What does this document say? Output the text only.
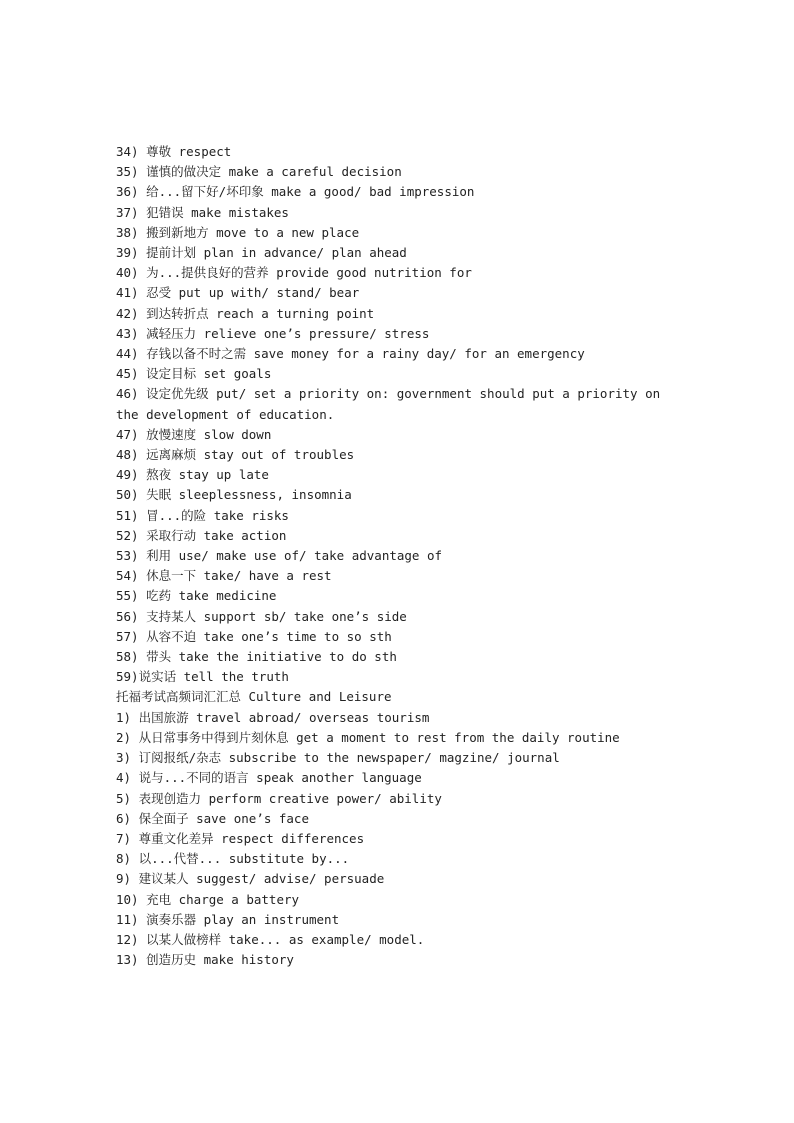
34) 尊敬 respect

35) 谨慎的做决定 make a careful decision

36) 给...留下好/坏印象 make a good/ bad impression

37) 犯错误 make mistakes

38) 搬到新地方 move to a new place

39) 提前计划 plan in advance/ plan ahead

40) 为...提供良好的营养 provide good nutrition for

41) 忍受 put up with/ stand/ bear

42) 到达转折点 reach a turning point

43) 减轻压力 relieve one’s pressure/ stress

44) 存钱以备不时之需 save money for a rainy day/ for an emergency

45) 设定目标 set goals

46) 设定优先级 put/ set a priority on: government should put a priority on the development of education.

47) 放慢速度 slow down

48) 远离麻烦 stay out of troubles

49) 熬夜 stay up late

50) 失眠 sleeplessness, insomnia

51) 冒...的险 take risks

52) 采取行动 take action

53) 利用 use/ make use of/ take advantage of

54) 休息一下 take/ have a rest

55) 吃药 take medicine

56) 支持某人 support sb/ take one’s side

57) 从容不迫 take one’s time to so sth

58) 带头 take the initiative to do sth

59)说实话 tell the truth

托福考试高频词汇汇总 Culture and Leisure

1) 出国旅游 travel abroad/ overseas tourism

2) 从日常事务中得到片刻休息 get a moment to rest from the daily routine

3) 订阅报纸/杂志 subscribe to the newspaper/ magzine/ journal

4) 说与...不同的语言 speak another language

5) 表现创造力 perform creative power/ ability

6) 保全面子 save one’s face

7) 尊重文化差异 respect differences

8) 以...代替... substitute by...

9) 建议某人 suggest/ advise/ persuade

10) 充电 charge a battery

11) 演奏乐器 play an instrument

12) 以某人做榜样 take... as example/ model.

13) 创造历史 make history
